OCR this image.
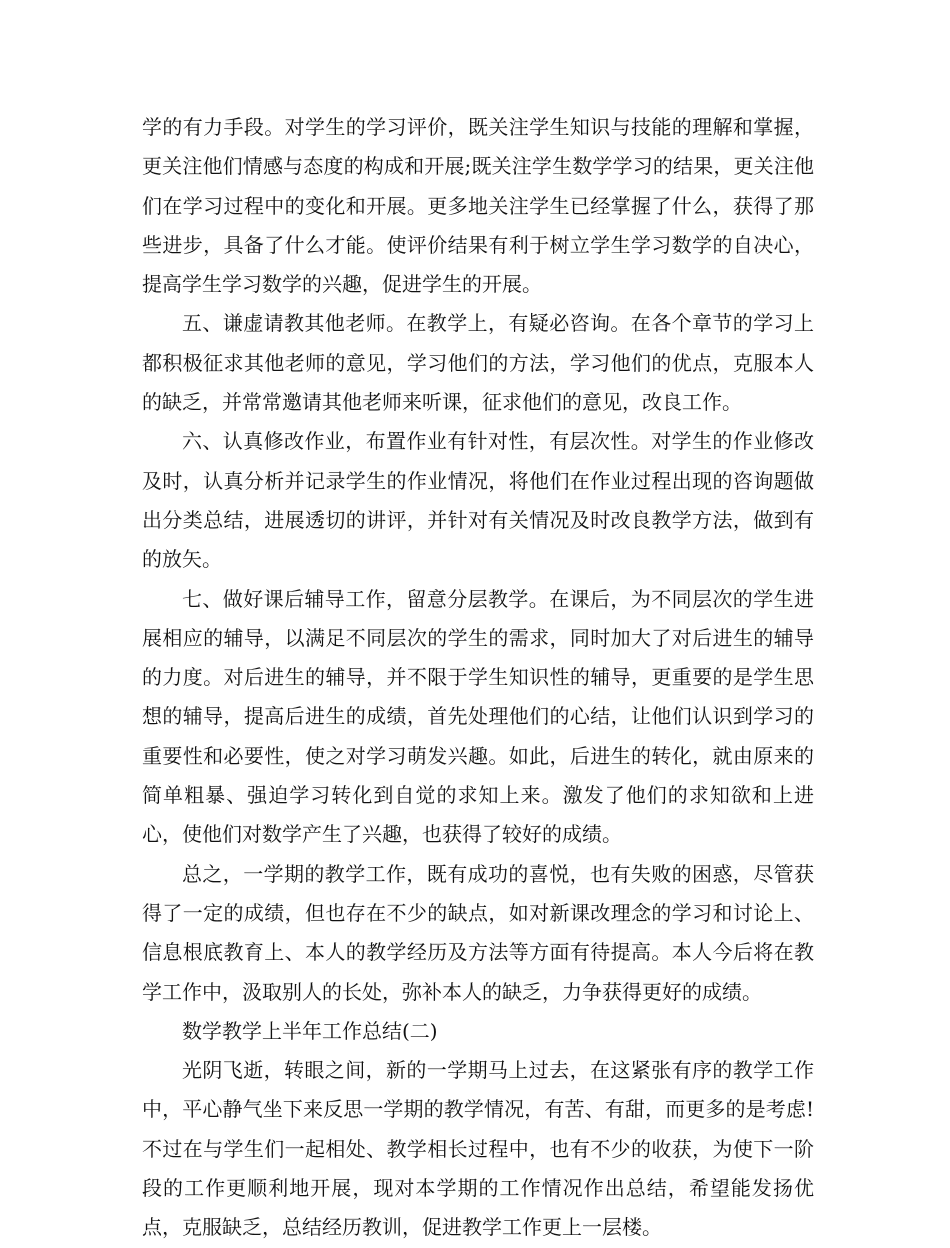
学的有力手段。对学生的学习评价，既关注学生知识与技能的理解和掌握，更关注他们情感与态度的构成和开展;既关注学生数学学习的结果，更关注他们在学习过程中的变化和开展。更多地关注学生已经掌握了什么，获得了那些进步，具备了什么才能。使评价结果有利于树立学生学习数学的自决心，提高学生学习数学的兴趣，促进学生的开展。

五、谦虚请教其他老师。在教学上，有疑必咨询。在各个章节的学习上都积极征求其他老师的意见，学习他们的方法，学习他们的优点，克服本人的缺乏，并常常邀请其他老师来听课，征求他们的意见，改良工作。

六、认真修改作业，布置作业有针对性，有层次性。对学生的作业修改及时，认真分析并记录学生的作业情况，将他们在作业过程出现的咨询题做出分类总结，进展透切的讲评，并针对有关情况及时改良教学方法，做到有的放矢。

七、做好课后辅导工作，留意分层教学。在课后，为不同层次的学生进展相应的辅导，以满足不同层次的学生的需求，同时加大了对后进生的辅导的力度。对后进生的辅导，并不限于学生知识性的辅导，更重要的是学生思想的辅导，提高后进生的成绩，首先处理他们的心结，让他们认识到学习的重要性和必要性，使之对学习萌发兴趣。如此，后进生的转化，就由原来的简单粗暴、强迫学习转化到自觉的求知上来。激发了他们的求知欲和上进心，使他们对数学产生了兴趣，也获得了较好的成绩。

总之，一学期的教学工作，既有成功的喜悦，也有失败的困惑，尽管获得了一定的成绩，但也存在不少的缺点，如对新课改理念的学习和讨论上、信息根底教育上、本人的教学经历及方法等方面有待提高。本人今后将在教学工作中，汲取别人的长处，弥补本人的缺乏，力争获得更好的成绩。

数学教学上半年工作总结(二)

光阴飞逝，转眼之间，新的一学期马上过去，在这紧张有序的教学工作中，平心静气坐下来反思一学期的教学情况，有苦、有甜，而更多的是考虑!不过在与学生们一起相处、教学相长过程中，也有不少的收获，为使下一阶段的工作更顺利地开展，现对本学期的工作情况作出总结，希望能发扬优点，克服缺乏，总结经历教训，促进教学工作更上一层楼。
